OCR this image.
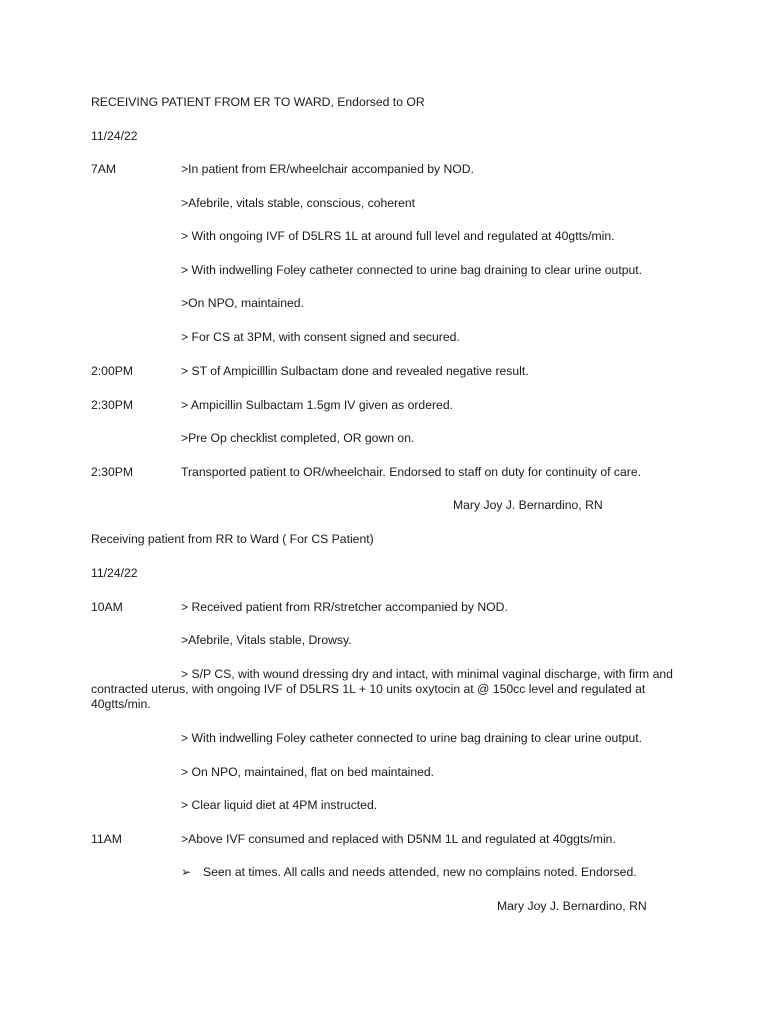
RECEIVING PATIENT FROM ER TO WARD, Endorsed to OR
11/24/22
7AM	>In patient from ER/wheelchair accompanied by NOD.
>Afebrile, vitals stable, conscious, coherent
> With ongoing IVF of D5LRS 1L at around full level and regulated at 40gtts/min.
> With indwelling Foley catheter connected to urine bag draining to clear urine output.
>On NPO, maintained.
> For CS at 3PM, with consent signed and secured.
2:00PM	> ST of Ampicilllin Sulbactam done and revealed negative result.
2:30PM	> Ampicillin Sulbactam 1.5gm IV given as ordered.
>Pre Op checklist completed, OR gown on.
2:30PM	Transported patient to OR/wheelchair. Endorsed to staff on duty for continuity of care.
Mary Joy J. Bernardino, RN
Receiving patient from RR to Ward ( For CS Patient)
11/24/22
10AM	> Received patient from RR/stretcher accompanied by NOD.
>Afebrile, Vitals stable, Drowsy.
> S/P CS, with wound dressing dry and intact, with minimal vaginal discharge, with firm and contracted uterus, with ongoing IVF of D5LRS 1L + 10 units oxytocin at @ 150cc level and regulated at 40gtts/min.
> With indwelling Foley catheter connected to urine bag draining to clear urine output.
> On NPO, maintained, flat on bed maintained.
> Clear liquid diet at 4PM instructed.
11AM	>Above IVF consumed and replaced with D5NM 1L and regulated at 40ggts/min.
➢ Seen at times. All calls and needs attended, new no complains noted. Endorsed.
Mary Joy J. Bernardino, RN
